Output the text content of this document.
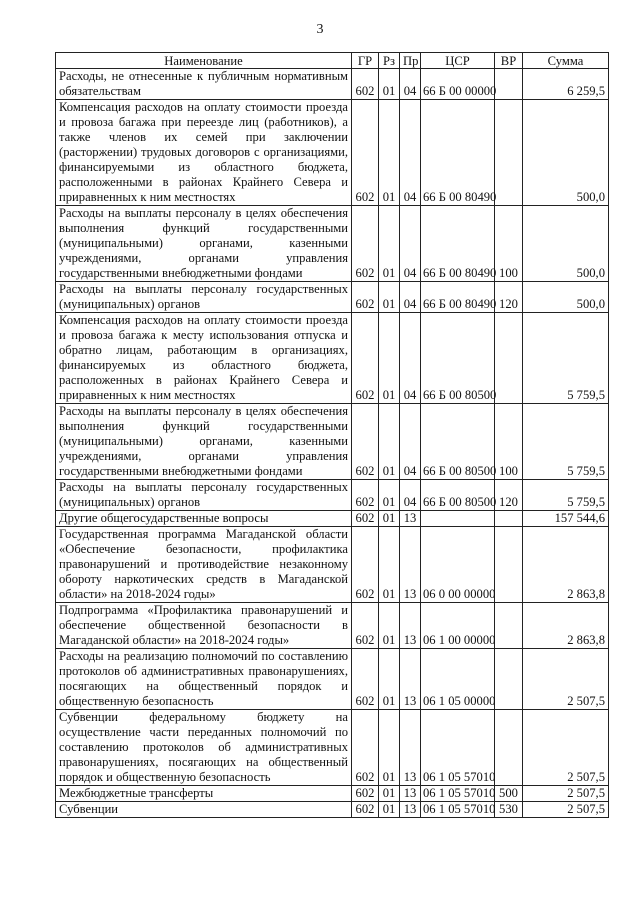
3
Наименование	ГР	Рз	Пр	ЦСР	ВР	Сумма
Расходы, не отнесенные к публичным нормативным обязательствам	602	01	04	66 Б 00 00000		6 259,5
Компенсация расходов на оплату стоимости проезда и провоза багажа при переезде лиц (работников), а также членов их семей при заключении (расторжении) трудовых договоров с организациями, финансируемыми из областного бюджета, расположенными в районах Крайнего Севера и приравненных к ним местностях	602	01	04	66 Б 00 80490		500,0
Расходы на выплаты персоналу в целях обеспечения выполнения функций государственными (муниципальными) органами, казенными учреждениями, органами управления государственными внебюджетными фондами	602	01	04	66 Б 00 80490	100	500,0
Расходы на выплаты персоналу государственных (муниципальных) органов	602	01	04	66 Б 00 80490	120	500,0
Компенсация расходов на оплату стоимости проезда и провоза багажа к месту использования отпуска и обратно лицам, работающим в организациях, финансируемых из областного бюджета, расположенных в районах Крайнего Севера и приравненных к ним местностях	602	01	04	66 Б 00 80500		5 759,5
Расходы на выплаты персоналу в целях обеспечения выполнения функций государственными (муниципальными) органами, казенными учреждениями, органами управления государственными внебюджетными фондами	602	01	04	66 Б 00 80500	100	5 759,5
Расходы на выплаты персоналу государственных (муниципальных) органов	602	01	04	66 Б 00 80500	120	5 759,5
Другие общегосударственные вопросы	602	01	13			157 544,6
Государственная программа Магаданской области «Обеспечение безопасности, профилактика правонарушений и противодействие незаконному обороту наркотических средств в Магаданской области» на 2018-2024 годы»	602	01	13	06 0 00 00000		2 863,8
Подпрограмма «Профилактика правонарушений и обеспечение общественной безопасности в Магаданской области» на 2018-2024 годы»	602	01	13	06 1 00 00000		2 863,8
Расходы на реализацию полномочий по составлению протоколов об административных правонарушениях, посягающих на общественный порядок и общественную безопасность	602	01	13	06 1 05 00000		2 507,5
Субвенции федеральному бюджету на осуществление части переданных полномочий по составлению протоколов об административных правонарушениях, посягающих на общественный порядок и общественную безопасность	602	01	13	06 1 05 57010		2 507,5
Межбюджетные трансферты	602	01	13	06 1 05 57010	500	2 507,5
Субвенции	602	01	13	06 1 05 57010	530	2 507,5
